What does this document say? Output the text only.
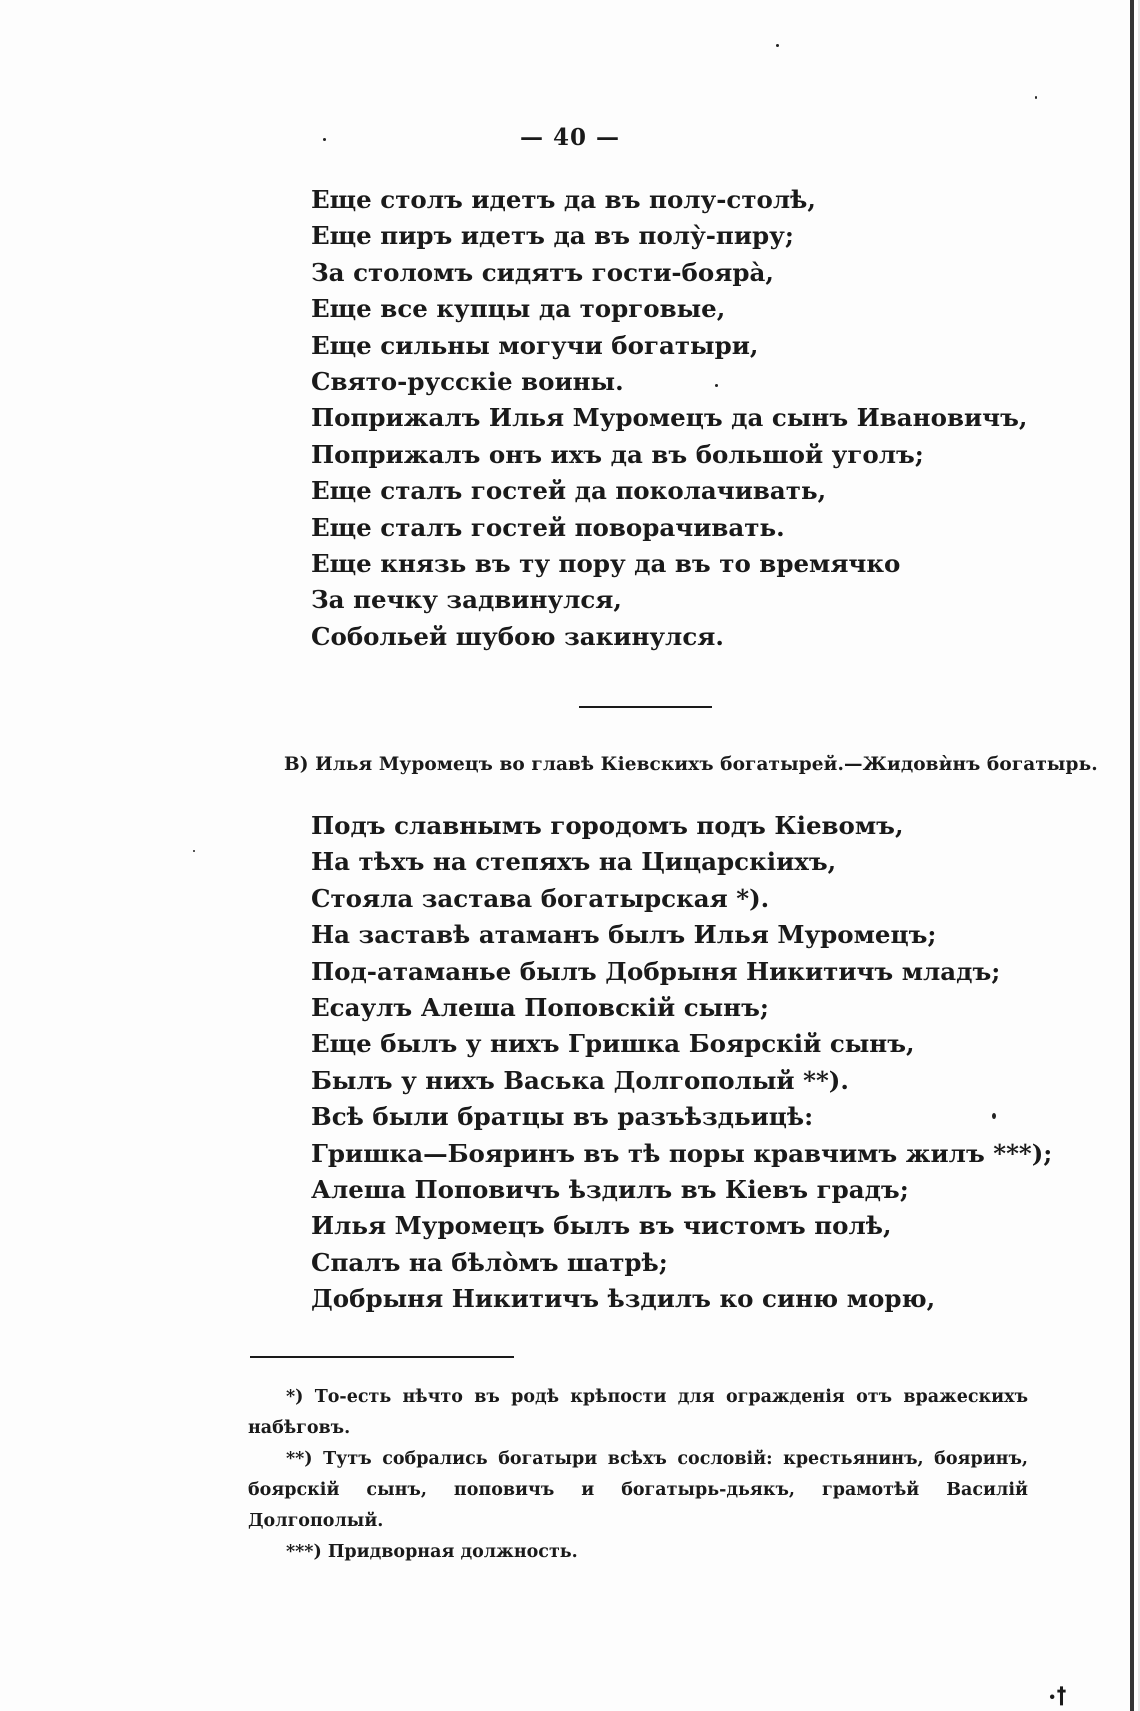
— 40 —
Еще столъ идетъ да въ полу-столѣ,
Еще пиръ идетъ да въ полу̀-пиру;
За столомъ сидятъ гости-бояра̀,
Еще все купцы да торговые,
Еще сильны могучи богатыри,
Свято-русскіе воины.
Поприжалъ Илья Муромецъ да сынъ Ивановичъ,
Поприжалъ онъ ихъ да въ большой уголъ;
Еще сталъ гостей да поколачивать,
Еще сталъ гостей поворачивать.
Еще князь въ ту пору да въ то времячко
За печку задвинулся,
Собольей шубою закинулся.
В) Илья Муромецъ во главѣ Кіевскихъ богатырей.—Жидовѝнъ богатырь.
Подъ славнымъ городомъ подъ Кіевомъ,
На тѣхъ на степяхъ на Цицарскіихъ,
Стояла застава богатырская *).
На заставѣ атаманъ былъ Илья Муромецъ;
Под-атаманье былъ Добрыня Никитичъ младъ;
Есаулъ Алеша Поповскій сынъ;
Еще былъ у нихъ Гришка Боярскій сынъ,
Былъ у нихъ Васька Долгополый **).
Всѣ были братцы въ разъѣздьицѣ:
Гришка—Бояринъ въ тѣ поры кравчимъ жилъ ***);
Алеша Поповичъ ѣздилъ въ Кіевъ градъ;
Илья Муромецъ былъ въ чистомъ полѣ,
Спалъ на бѣлòмъ шатрѣ;
Добрыня Никитичъ ѣздилъ ко синю морю,
*) То-есть нѣчто въ родѣ крѣпости для огражденія отъ вражескихъ набѣговъ.
**) Тутъ собрались богатыри всѣхъ сословій: крестьянинъ, бояринъ, боярскій сынъ, поповичъ и богатырь-дьякъ, грамотѣй Василій Долгополый.
***) Придворная должность.
·ꝉ
